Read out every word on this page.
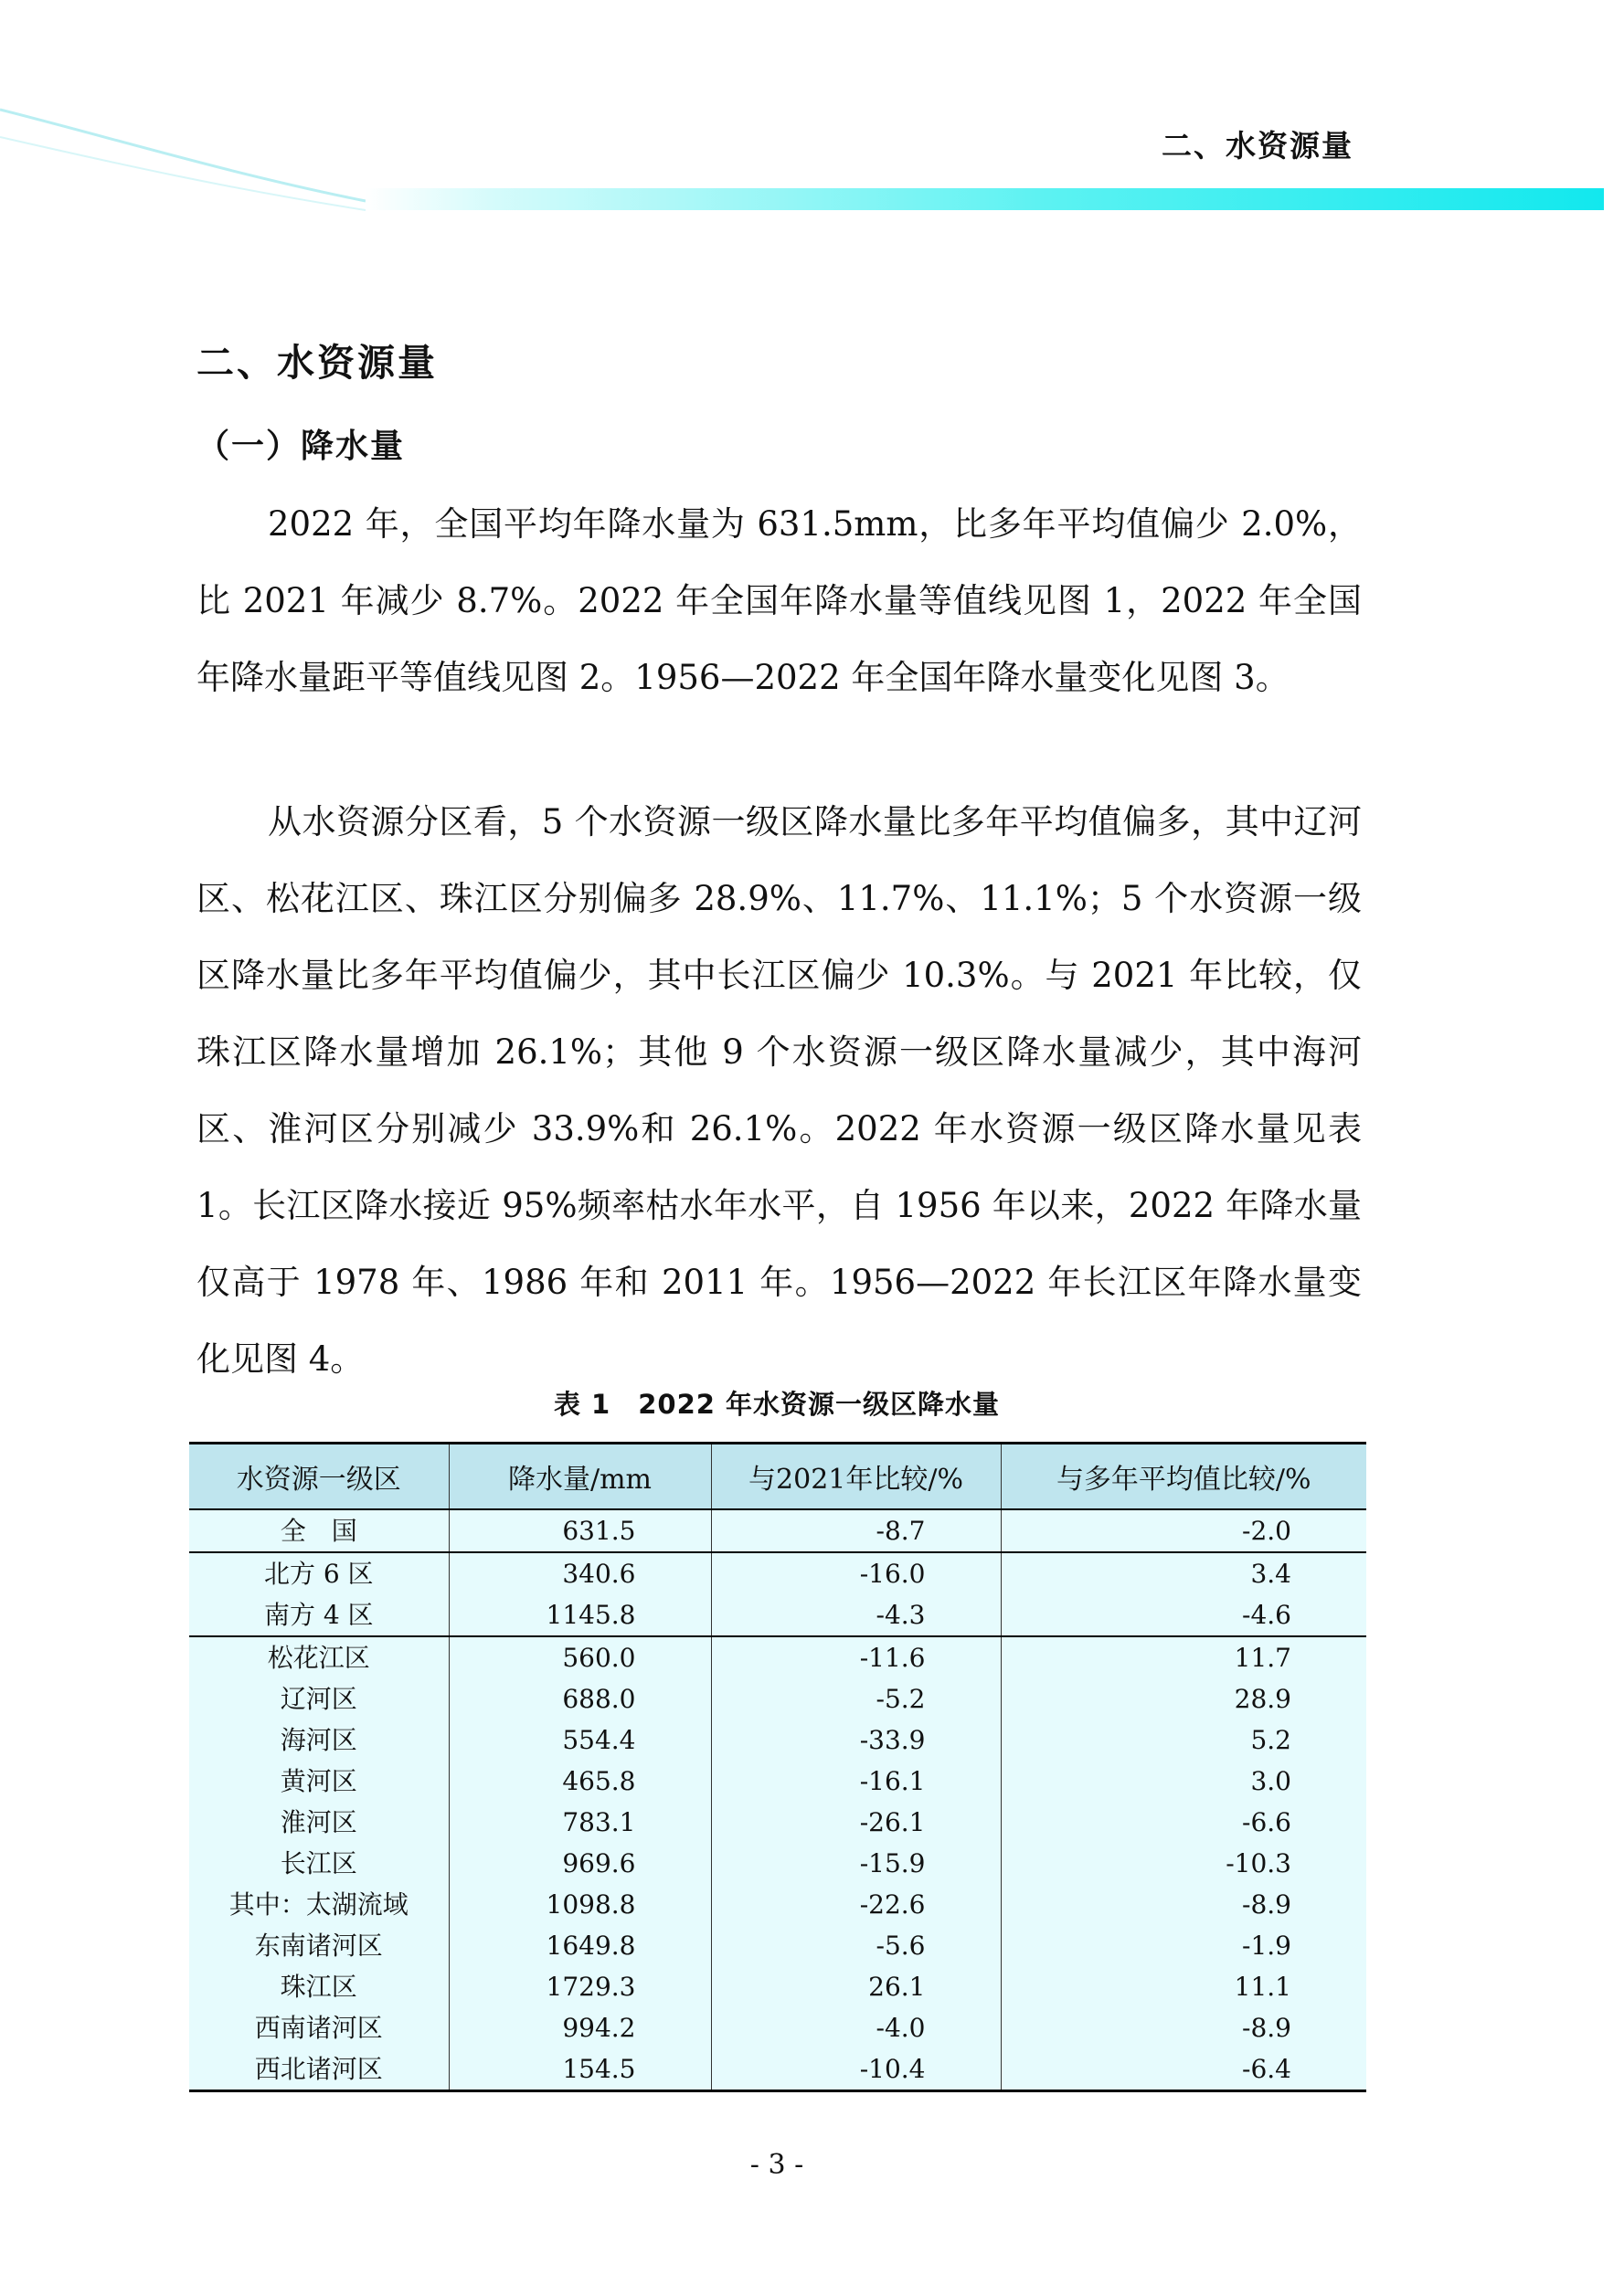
二、水资源量
二、水资源量
（一）降水量

2022 年，全国平均年降水量为 631.5mm，比多年平均值偏少 2.0%，比 2021 年减少 8.7%。2022 年全国年降水量等值线见图 1，2022 年全国年降水量距平等值线见图 2。1956—2022 年全国年降水量变化见图 3。

从水资源分区看，5 个水资源一级区降水量比多年平均值偏多，其中辽河区、松花江区、珠江区分别偏多 28.9%、11.7%、11.1%；5 个水资源一级区降水量比多年平均值偏少，其中长江区偏少 10.3%。与 2021 年比较，仅珠江区降水量增加 26.1%；其他 9 个水资源一级区降水量减少，其中海河区、淮河区分别减少 33.9%和 26.1%。2022 年水资源一级区降水量见表 1。长江区降水接近 95%频率枯水年水平，自 1956 年以来，2022 年降水量仅高于 1978 年、1986 年和 2011 年。1956—2022 年长江区年降水量变化见图 4。

表 1　2022 年水资源一级区降水量
水资源一级区	降水量/mm	与2021年比较/%	与多年平均值比较/%
全　国	631.5	-8.7	-2.0
北方 6 区	340.6	-16.0	3.4
南方 4 区	1145.8	-4.3	-4.6
松花江区	560.0	-11.6	11.7
辽河区	688.0	-5.2	28.9
海河区	554.4	-33.9	5.2
黄河区	465.8	-16.1	3.0
淮河区	783.1	-26.1	-6.6
长江区	969.6	-15.9	-10.3
其中：太湖流域	1098.8	-22.6	-8.9
东南诸河区	1649.8	-5.6	-1.9
珠江区	1729.3	26.1	11.1
西南诸河区	994.2	-4.0	-8.9
西北诸河区	154.5	-10.4	-6.4
- 3 -
